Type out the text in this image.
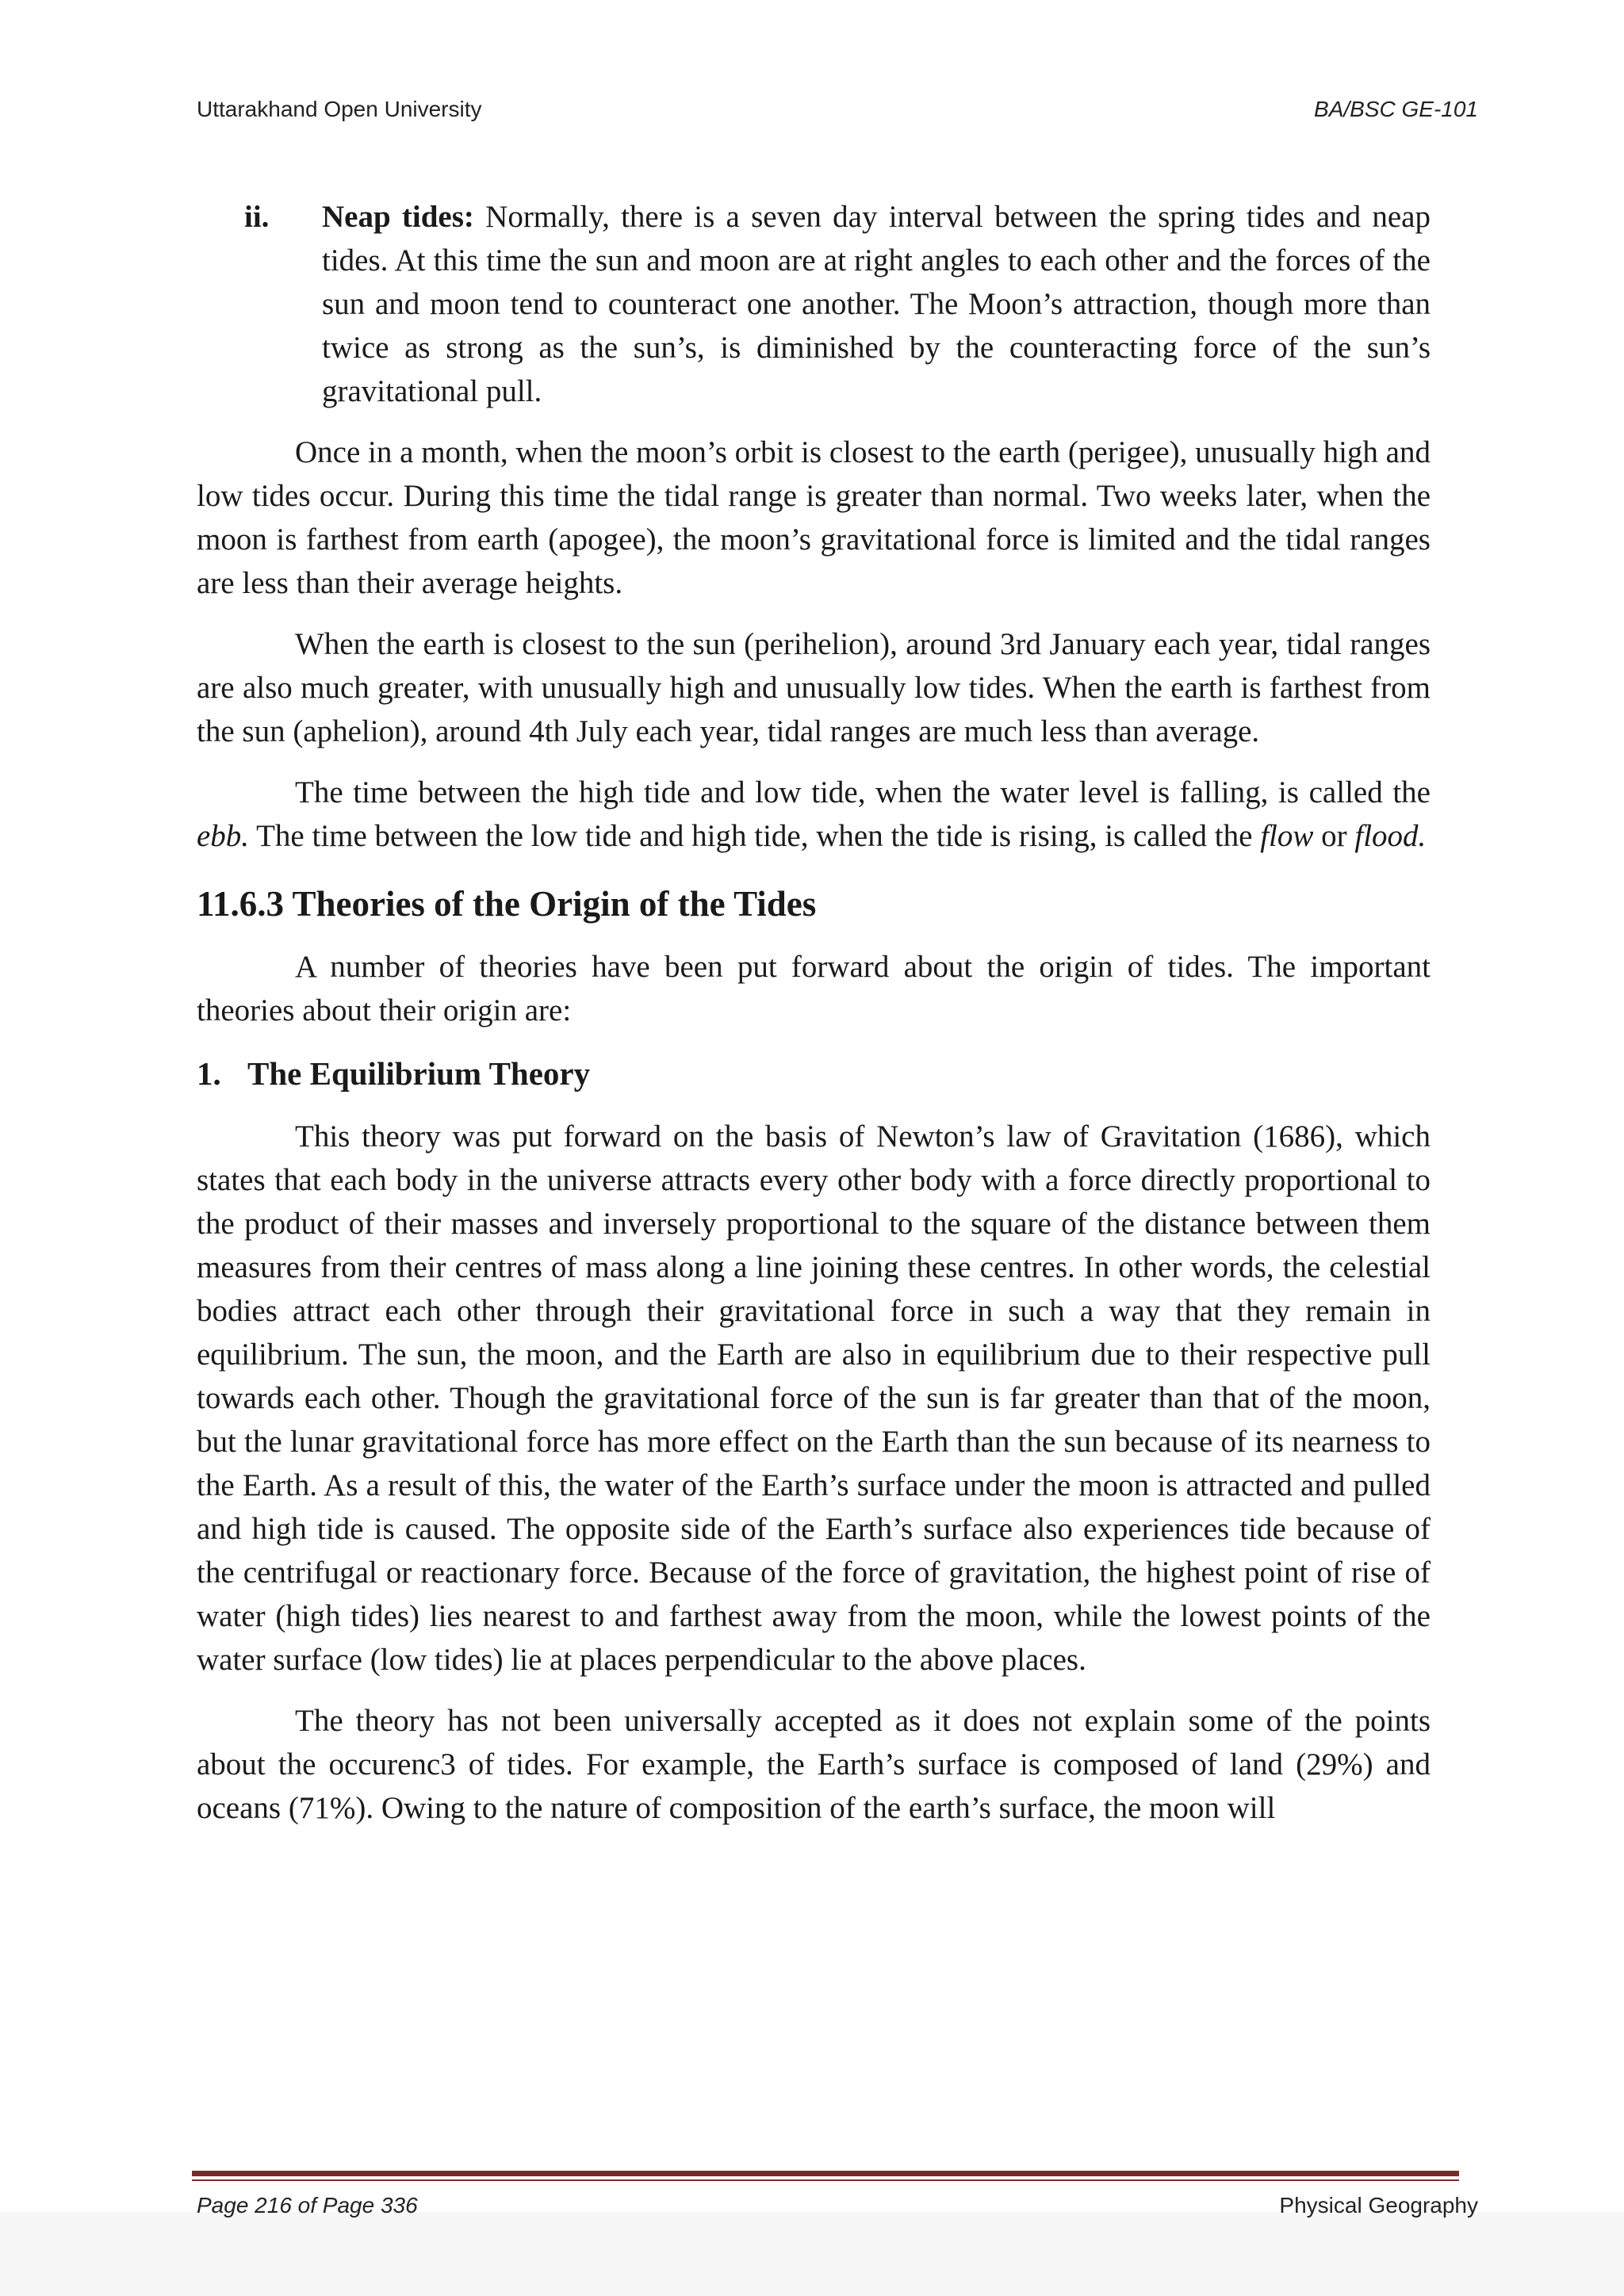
Uttarakhand Open University	BA/BSC GE-101
ii. Neap tides: Normally, there is a seven day interval between the spring tides and neap tides. At this time the sun and moon are at right angles to each other and the forces of the sun and moon tend to counteract one another. The Moon’s attraction, though more than twice as strong as the sun’s, is diminished by the counteracting force of the sun’s gravitational pull.

Once in a month, when the moon’s orbit is closest to the earth (perigee), unusually high and low tides occur. During this time the tidal range is greater than normal. Two weeks later, when the moon is farthest from earth (apogee), the moon’s gravitational force is limited and the tidal ranges are less than their average heights.

When the earth is closest to the sun (perihelion), around 3rd January each year, tidal ranges are also much greater, with unusually high and unusually low tides. When the earth is farthest from the sun (aphelion), around 4th July each year, tidal ranges are much less than average.

The time between the high tide and low tide, when the water level is falling, is called the ebb. The time between the low tide and high tide, when the tide is rising, is called the flow or flood.

11.6.3 Theories of the Origin of the Tides

A number of theories have been put forward about the origin of tides. The important theories about their origin are:

1. The Equilibrium Theory

This theory was put forward on the basis of Newton’s law of Gravitation (1686), which states that each body in the universe attracts every other body with a force directly proportional to the product of their masses and inversely proportional to the square of the distance between them measures from their centres of mass along a line joining these centres. In other words, the celestial bodies attract each other through their gravitational force in such a way that they remain in equilibrium. The sun, the moon, and the Earth are also in equilibrium due to their respective pull towards each other. Though the gravitational force of the sun is far greater than that of the moon, but the lunar gravitational force has more effect on the Earth than the sun because of its nearness to the Earth. As a result of this, the water of the Earth’s surface under the moon is attracted and pulled and high tide is caused. The opposite side of the Earth’s surface also experiences tide because of the centrifugal or reactionary force. Because of the force of gravitation, the highest point of rise of water (high tides) lies nearest to and farthest away from the moon, while the lowest points of the water surface (low tides) lie at places perpendicular to the above places.

The theory has not been universally accepted as it does not explain some of the points about the occurenc3 of tides. For example, the Earth’s surface is composed of land (29%) and oceans (71%). Owing to the nature of composition of the earth’s surface, the moon will

Page 216 of Page 336	Physical Geography
